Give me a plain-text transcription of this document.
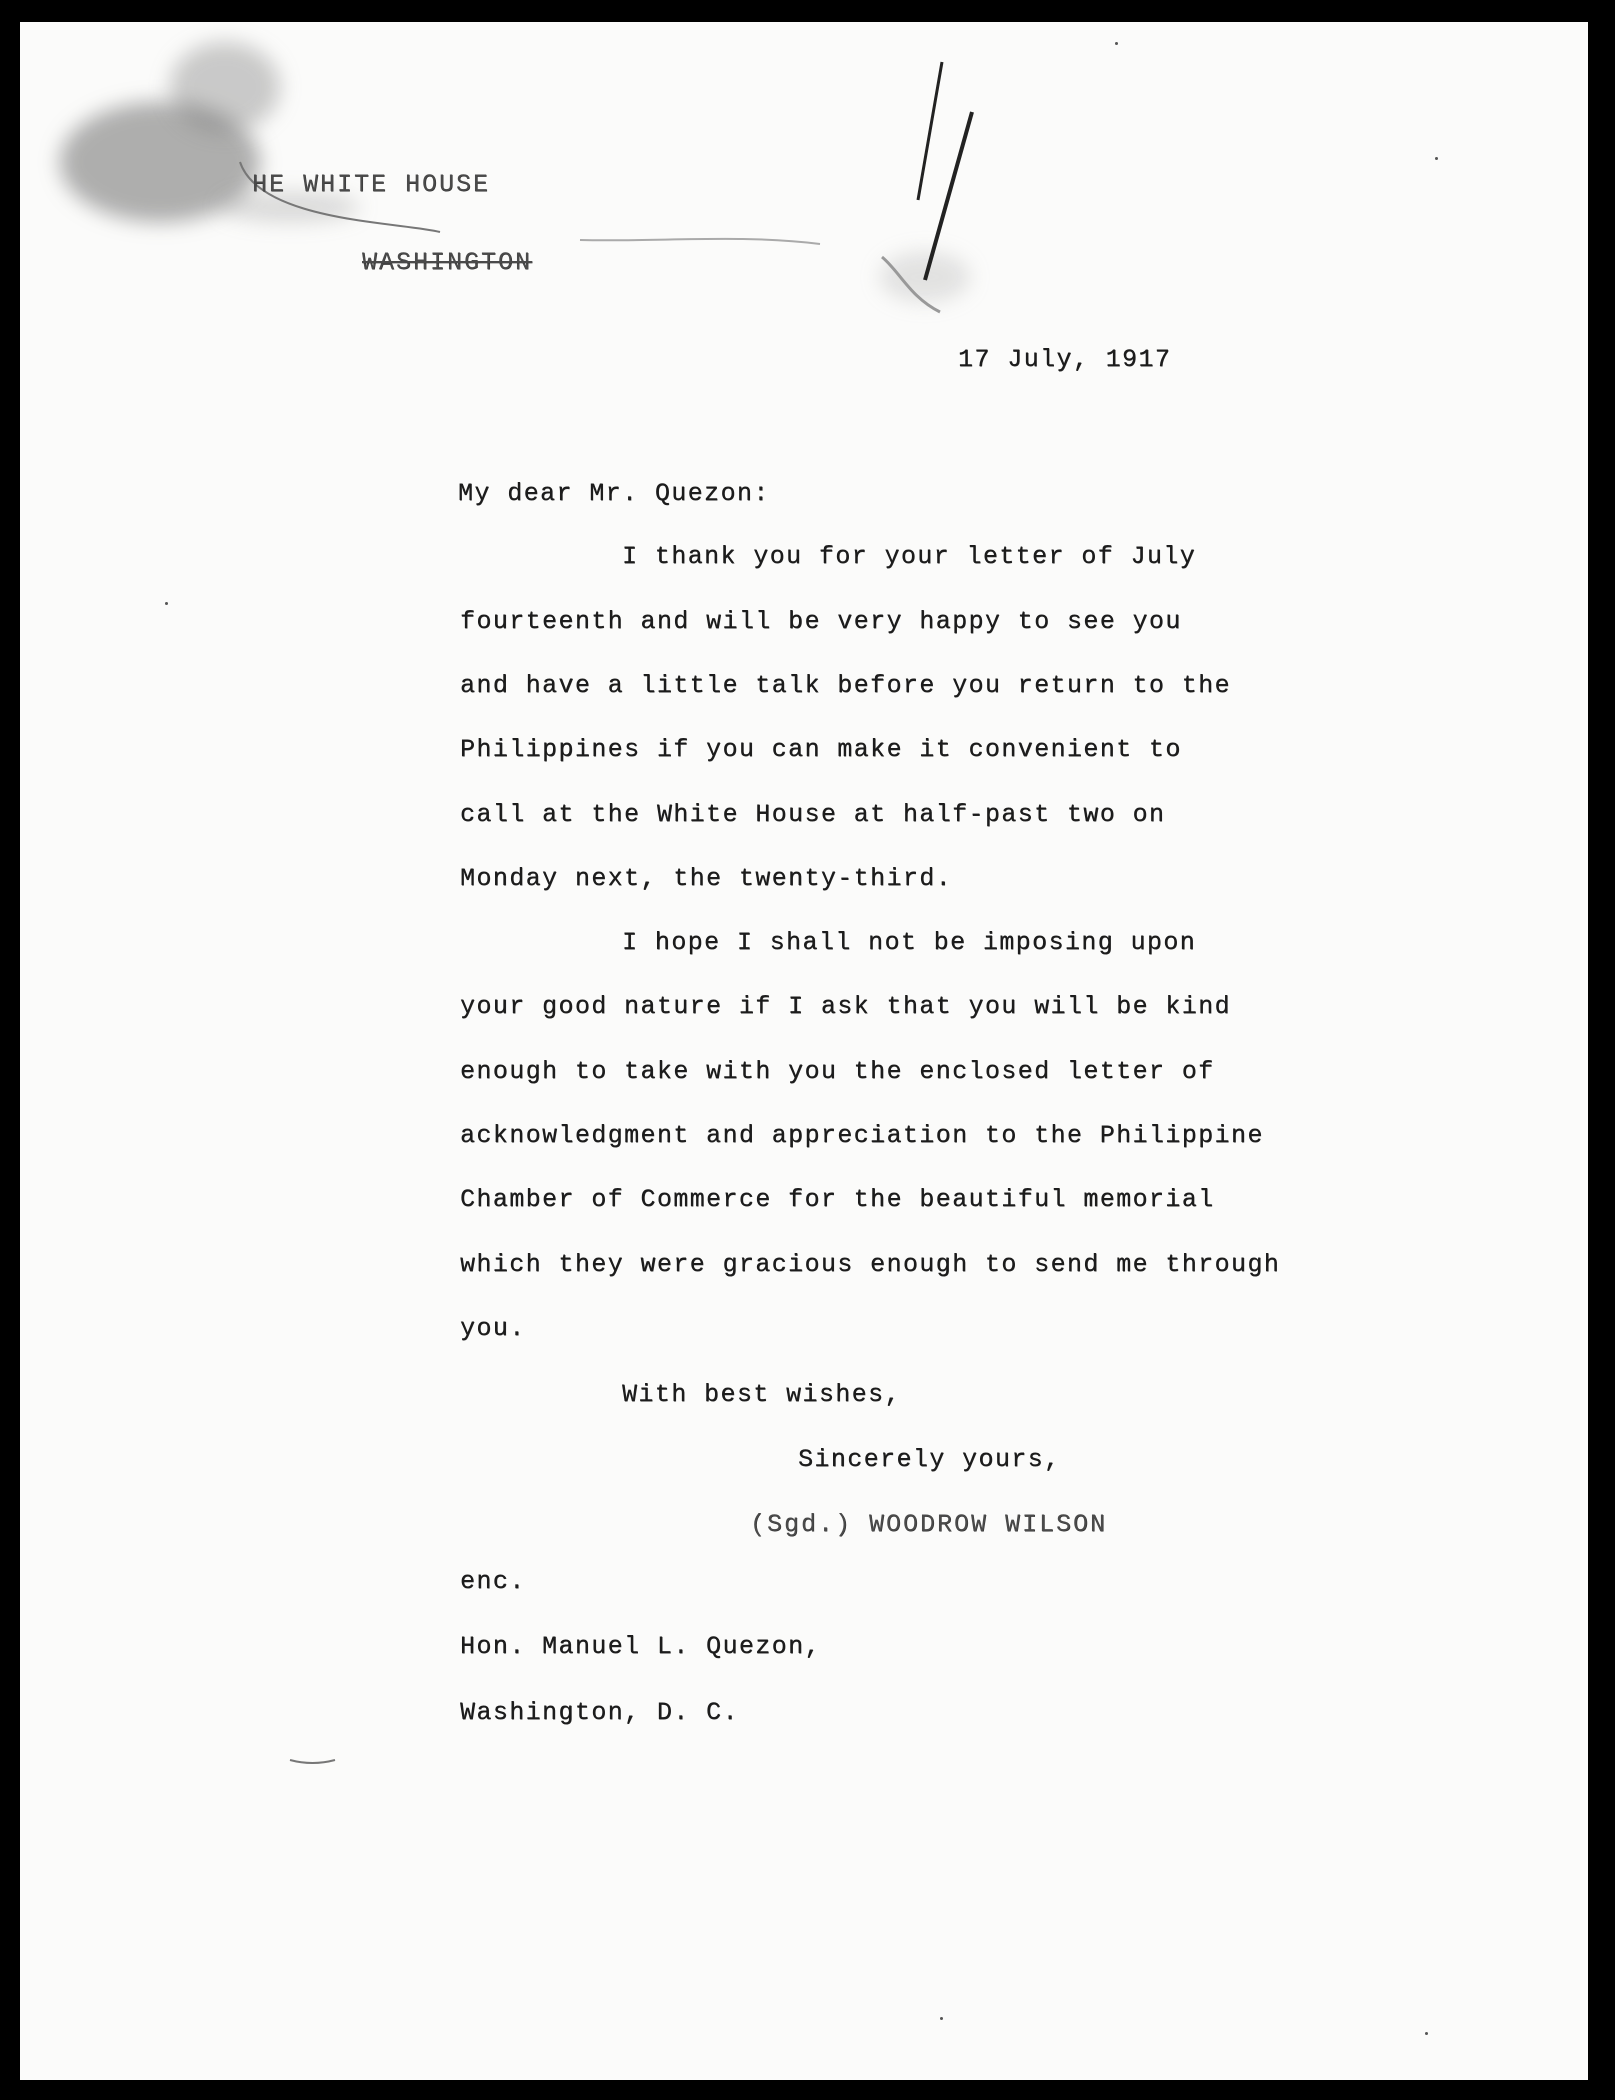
HE WHITE HOUSE
WASHINGTON
17 July, 1917
My dear Mr. Quezon:
I thank you for your letter of July
fourteenth and will be very happy to see you
and have a little talk before you return to the
Philippines if you can make it convenient to
call at the White House at half-past two on
Monday next, the twenty-third.
I hope I shall not be imposing upon
your good nature if I ask that you will be kind
enough to take with you the enclosed letter of
acknowledgment and appreciation to the Philippine
Chamber of Commerce for the beautiful memorial
which they were gracious enough to send me through
you.
With best wishes,
Sincerely yours,
(Sgd.) WOODROW WILSON
enc.
Hon. Manuel L. Quezon,
Washington, D. C.
